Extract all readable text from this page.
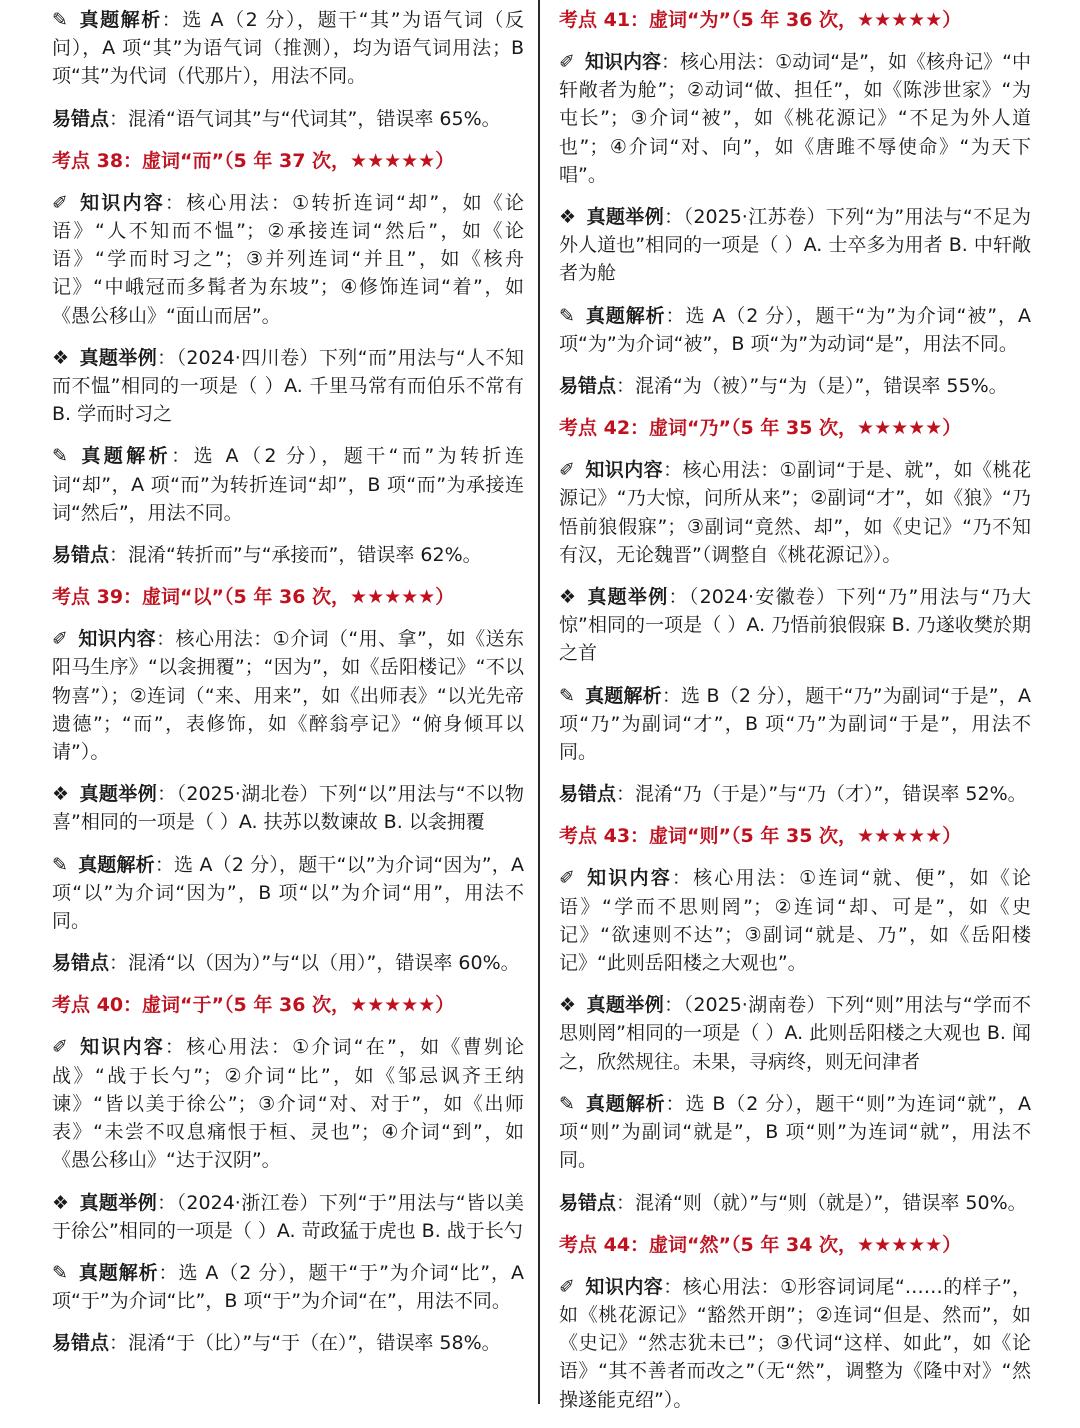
✎ 真题解析：选 A（2 分），题干“其”为语气词（反问），A 项“其”为语气词（推测），均为语气词用法；B 项“其”为代词（代那片），用法不同。

易错点：混淆“语气词其”与“代词其”，错误率 65%。

考点 38：虚词“而”（5 年 37 次，★★★★★）

✐ 知识内容：核心用法：①转折连词“却”，如《论语》“人不知而不愠”；②承接连词“然后”，如《论语》“学而时习之”；③并列连词“并且”，如《核舟记》“中峨冠而多髯者为东坡”；④修饰连词“着”，如《愚公移山》“面山而居”。

❖ 真题举例：（2024·四川卷）下列“而”用法与“人不知而不愠”相同的一项是（ ）A. 千里马常有而伯乐不常有 B. 学而时习之

✎ 真题解析：选 A（2 分），题干“而”为转折连词“却”，A 项“而”为转折连词“却”，B 项“而”为承接连词“然后”，用法不同。

易错点：混淆“转折而”与“承接而”，错误率 62%。

考点 39：虚词“以”（5 年 36 次，★★★★★）

✐ 知识内容：核心用法：①介词（“用、拿”，如《送东阳马生序》“以衾拥覆”；“因为”，如《岳阳楼记》“不以物喜”）；②连词（“来、用来”，如《出师表》“以光先帝遗德”；“而”，表修饰，如《醉翁亭记》“俯身倾耳以请”）。

❖ 真题举例：（2025·湖北卷）下列“以”用法与“不以物喜”相同的一项是（ ）A. 扶苏以数谏故 B. 以衾拥覆

✎ 真题解析：选 A（2 分），题干“以”为介词“因为”，A 项“以”为介词“因为”，B 项“以”为介词“用”，用法不同。

易错点：混淆“以（因为）”与“以（用）”，错误率 60%。

考点 40：虚词“于”（5 年 36 次，★★★★★）

✐ 知识内容：核心用法：①介词“在”，如《曹刿论战》“战于长勺”；②介词“比”，如《邹忌讽齐王纳谏》“皆以美于徐公”；③介词“对、对于”，如《出师表》“未尝不叹息痛恨于桓、灵也”；④介词“到”，如《愚公移山》“达于汉阴”。

❖ 真题举例：（2024·浙江卷）下列“于”用法与“皆以美于徐公”相同的一项是（ ）A. 苛政猛于虎也 B. 战于长勺

✎ 真题解析：选 A（2 分），题干“于”为介词“比”，A 项“于”为介词“比”，B 项“于”为介词“在”，用法不同。

易错点：混淆“于（比）”与“于（在）”，错误率 58%。

考点 41：虚词“为”（5 年 36 次，★★★★★）

✐ 知识内容：核心用法：①动词“是”，如《核舟记》“中轩敞者为舱”；②动词“做、担任”，如《陈涉世家》“为屯长”；③介词“被”，如《桃花源记》“不足为外人道也”；④介词“对、向”，如《唐雎不辱使命》“为天下唱”。

❖ 真题举例：（2025·江苏卷）下列“为”用法与“不足为外人道也”相同的一项是（ ）A. 士卒多为用者 B. 中轩敞者为舱

✎ 真题解析：选 A（2 分），题干“为”为介词“被”，A 项“为”为介词“被”，B 项“为”为动词“是”，用法不同。

易错点：混淆“为（被）”与“为（是）”，错误率 55%。

考点 42：虚词“乃”（5 年 35 次，★★★★★）

✐ 知识内容：核心用法：①副词“于是、就”，如《桃花源记》“乃大惊，问所从来”；②副词“才”，如《狼》“乃悟前狼假寐”；③副词“竟然、却”，如《史记》“乃不知有汉，无论魏晋”（调整自《桃花源记》）。

❖ 真题举例：（2024·安徽卷）下列“乃”用法与“乃大惊”相同的一项是（ ）A. 乃悟前狼假寐 B. 乃遂收樊於期之首

✎ 真题解析：选 B（2 分），题干“乃”为副词“于是”，A 项“乃”为副词“才”，B 项“乃”为副词“于是”，用法不同。

易错点：混淆“乃（于是）”与“乃（才）”，错误率 52%。

考点 43：虚词“则”（5 年 35 次，★★★★★）

✐ 知识内容：核心用法：①连词“就、便”，如《论语》“学而不思则罔”；②连词“却、可是”，如《史记》“欲速则不达”；③副词“就是、乃”，如《岳阳楼记》“此则岳阳楼之大观也”。

❖ 真题举例：（2025·湖南卷）下列“则”用法与“学而不思则罔”相同的一项是（ ）A. 此则岳阳楼之大观也 B. 闻之，欣然规往。未果，寻病终，则无问津者

✎ 真题解析：选 B（2 分），题干“则”为连词“就”，A 项“则”为副词“就是”，B 项“则”为连词“就”，用法不同。

易错点：混淆“则（就）”与“则（就是）”，错误率 50%。

考点 44：虚词“然”（5 年 34 次，★★★★★）

✐ 知识内容：核心用法：①形容词词尾“……的样子”，如《桃花源记》“豁然开朗”；②连词“但是、然而”，如《史记》“然志犹未已”；③代词“这样、如此”，如《论语》“其不善者而改之”（无“然”，调整为《隆中对》“然操遂能克绍”）。
